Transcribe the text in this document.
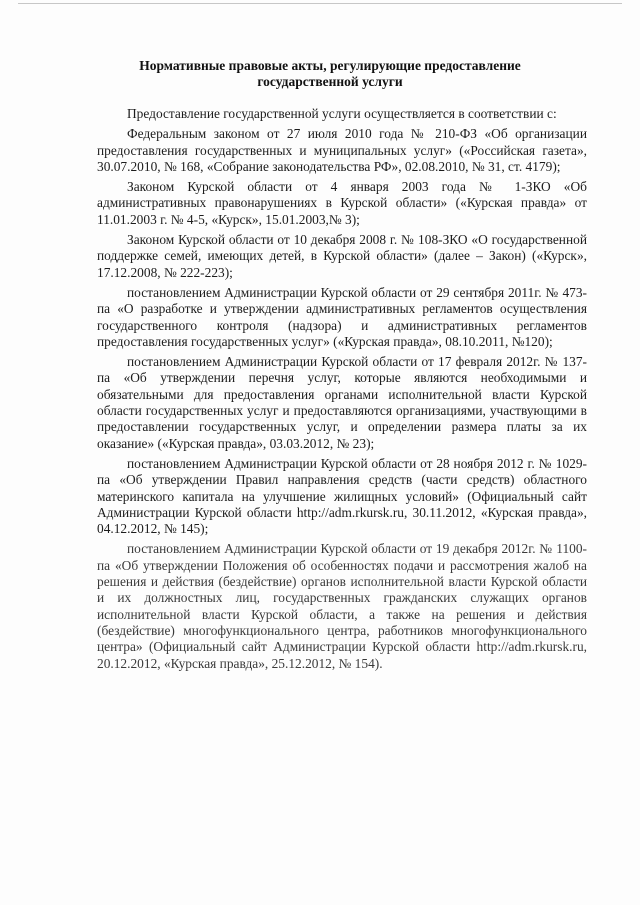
Нормативные правовые акты, регулирующие предоставление
государственной услуги

Предоставление государственной услуги осуществляется в соответствии с:

Федеральным законом от 27 июля 2010 года № 210-ФЗ «Об организации предоставления государственных и муниципальных услуг» («Российская газета», 30.07.2010, № 168, «Собрание законодательства РФ», 02.08.2010, № 31, ст. 4179);

Законом Курской области от 4 января 2003 года № 1-ЗКО «Об административных правонарушениях в Курской области» («Курская правда» от 11.01.2003 г. № 4-5, «Курск», 15.01.2003,№ 3);

Законом Курской области от 10 декабря 2008 г. № 108-ЗКО «О государственной поддержке семей, имеющих детей, в Курской области» (далее – Закон) («Курск», 17.12.2008, № 222-223);

постановлением Администрации Курской области от 29 сентября 2011г. № 473-па «О разработке и утверждении административных регламентов осуществления государственного контроля (надзора) и административных регламентов предоставления государственных услуг» («Курская правда», 08.10.2011, №120);

постановлением Администрации Курской области от 17 февраля 2012г. № 137-па «Об утверждении перечня услуг, которые являются необходимыми и обязательными для предоставления органами исполнительной власти Курской области государственных услуг и предоставляются организациями, участвующими в предоставлении государственных услуг, и определении размера платы за их оказание» («Курская правда», 03.03.2012, № 23);

постановлением Администрации Курской области от 28 ноября 2012 г. № 1029-па «Об утверждении Правил направления средств (части средств) областного материнского капитала на улучшение жилищных условий» (Официальный сайт Администрации Курской области http://adm.rkursk.ru, 30.11.2012, «Курская правда», 04.12.2012, № 145);

постановлением Администрации Курской области от 19 декабря 2012г. № 1100-па «Об утверждении Положения об особенностях подачи и рассмотрения жалоб на решения и действия (бездействие) органов исполнительной власти Курской области и их должностных лиц, государственных гражданских служащих органов исполнительной власти Курской области, а также на решения и действия (бездействие) многофункционального центра, работников многофункционального центра» (Официальный сайт Администрации Курской области http://adm.rkursk.ru, 20.12.2012, «Курская правда», 25.12.2012, № 154).
